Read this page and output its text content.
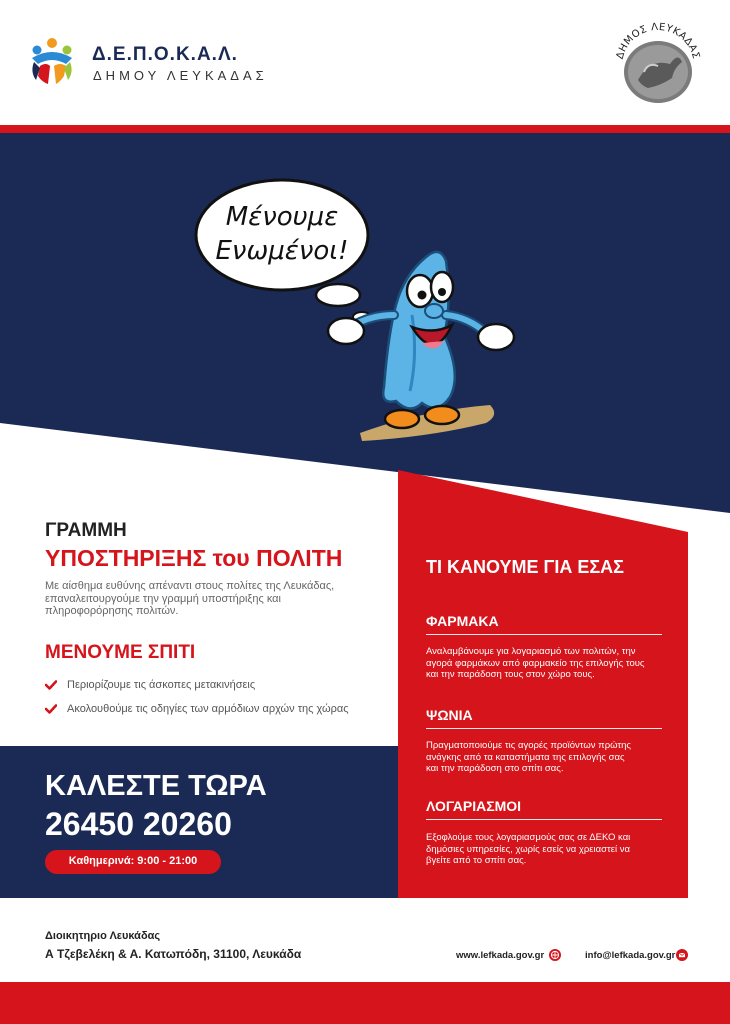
Δ.Ε.Π.Ο.Κ.Α.Λ.
ΔΗΜΟΥ ΛΕΥΚΑΔΑΣ
ΔΗΜΟΣ ΛΕΥΚΑΔΑΣ
Μένουμε
Ενωμένοι!
ΓΡΑΜΜΗ
ΥΠΟΣΤΗΡΙΞΗΣ του ΠΟΛΙΤΗ
Με αίσθημα ευθύνης απέναντι στους πολίτες της Λευκάδας,
επαναλειτουργούμε την γραμμή υποστήριξης και
πληροφορόρησης πολιτών.
ΜΕΝΟΥΜΕ ΣΠΙΤΙ
Περιορίζουμε τις άσκοπες μετακινήσεις
Ακολουθούμε τις οδηγίες των αρμόδιων αρχών της χώρας
ΚΑΛΕΣΤΕ ΤΩΡΑ
26450 20260
Καθημερινά: 9:00 - 21:00
ΤΙ ΚΑΝΟΥΜΕ ΓΙΑ ΕΣΑΣ
ΦΑΡΜΑΚΑ
Αναλαμβάνουμε για λογαριασμό των πολιτών, την
αγορά φαρμάκων από φαρμακείο της επιλογής τους
και την παράδοση τους στον χώρο τους.
ΨΩΝΙΑ
Πραγματοποιούμε τις αγορές προϊόντων πρώτης
ανάγκης από τα καταστήματα της επιλογής σας
και την παράδοση στο σπίτι σας.
ΛΟΓΑΡΙΑΣΜΟΙ
Εξοφλούμε τους λογαριασμούς σας σε ΔΕΚΟ και
δημόσιες υπηρεσίες, χωρίς εσείς να χρειαστεί να
βγείτε από το σπίτι σας.
Διοικητηριο Λευκάδας
Α Τζεβελέκη & Α. Κατωπόδη, 31100, Λευκάδα	www.lefkada.gov.gr	info@lefkada.gov.gr
